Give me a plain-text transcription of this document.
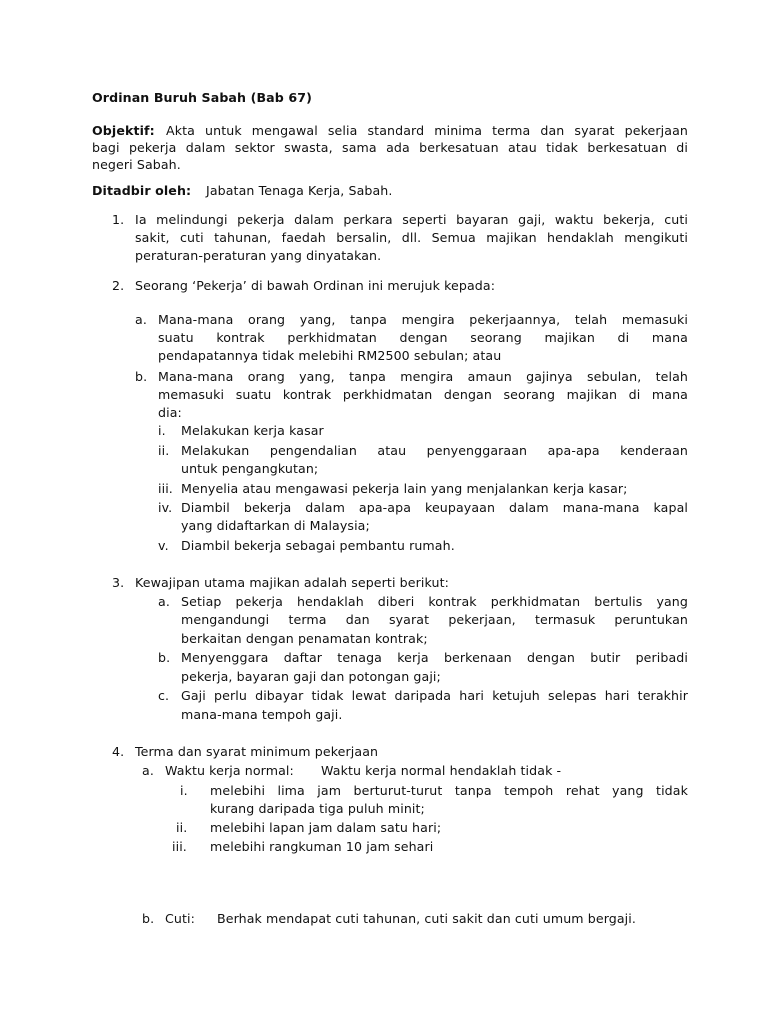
Ordinan Buruh Sabah (Bab 67)
Objektif: Akta untuk mengawal selia standard minima terma dan syarat pekerjaan
bagi pekerja dalam sektor swasta, sama ada berkesatuan atau tidak berkesatuan di
negeri Sabah.
Ditadbir oleh: Jabatan Tenaga Kerja, Sabah.
1. Ia melindungi pekerja dalam perkara seperti bayaran gaji, waktu bekerja, cuti
sakit, cuti tahunan, faedah bersalin, dll. Semua majikan hendaklah mengikuti
peraturan-peraturan yang dinyatakan.
2. Seorang ‘Pekerja’ di bawah Ordinan ini merujuk kepada:
a. Mana-mana orang yang, tanpa mengira pekerjaannya, telah memasuki
suatu kontrak perkhidmatan dengan seorang majikan di mana
pendapatannya tidak melebihi RM2500 sebulan; atau
b. Mana-mana orang yang, tanpa mengira amaun gajinya sebulan, telah
memasuki suatu kontrak perkhidmatan dengan seorang majikan di mana
dia:
i. Melakukan kerja kasar
ii. Melakukan pengendalian atau penyenggaraan apa-apa kenderaan
untuk pengangkutan;
iii. Menyelia atau mengawasi pekerja lain yang menjalankan kerja kasar;
iv. Diambil bekerja dalam apa-apa keupayaan dalam mana-mana kapal
yang didaftarkan di Malaysia;
v. Diambil bekerja sebagai pembantu rumah.
3. Kewajipan utama majikan adalah seperti berikut:
a. Setiap pekerja hendaklah diberi kontrak perkhidmatan bertulis yang
mengandungi terma dan syarat pekerjaan, termasuk peruntukan
berkaitan dengan penamatan kontrak;
b. Menyenggara daftar tenaga kerja berkenaan dengan butir peribadi
pekerja, bayaran gaji dan potongan gaji;
c. Gaji perlu dibayar tidak lewat daripada hari ketujuh selepas hari terakhir
mana-mana tempoh gaji.
4. Terma dan syarat minimum pekerjaan
a. Waktu kerja normal: Waktu kerja normal hendaklah tidak -
i. melebihi lima jam berturut-turut tanpa tempoh rehat yang tidak
kurang daripada tiga puluh minit;
ii. melebihi lapan jam dalam satu hari;
iii. melebihi rangkuman 10 jam sehari
b. Cuti: Berhak mendapat cuti tahunan, cuti sakit dan cuti umum bergaji.
